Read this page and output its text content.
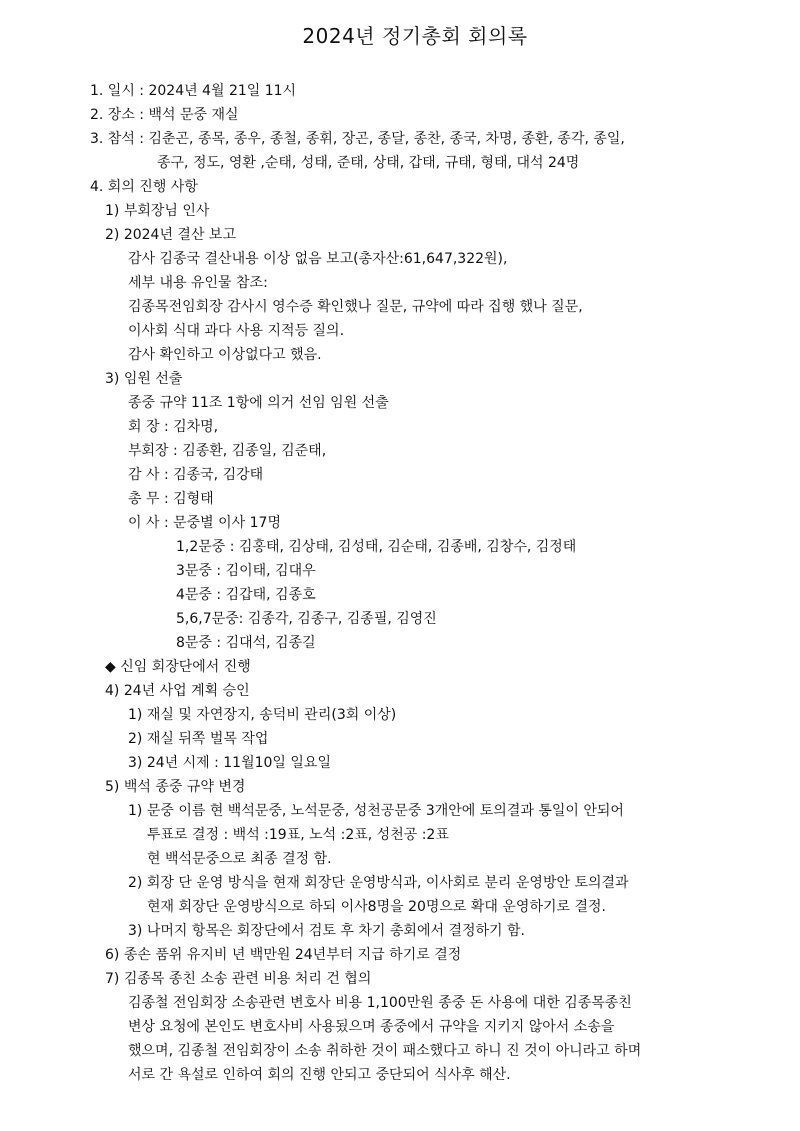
2024년 정기총회 회의록
1. 일시 : 2024년 4월 21일 11시
2. 장소 : 백석 문중 재실
3. 참석 : 김춘곤, 종목, 종우, 종철, 종휘, 장곤, 종달, 종찬, 종국, 차명, 종환, 종각, 종일,
종구, 정도, 영환 ,순태, 성태, 준태, 상태, 갑태, 규태, 형태, 대석 24명
4. 회의 진행 사항
1) 부회장님 인사
2) 2024년 결산 보고
감사 김종국 결산내용 이상 없음 보고(총자산:61,647,322원),
세부 내용 유인물 참조:
김종목전임회장 감사시 영수증 확인했나 질문, 규약에 따라 집행 했나 질문,
이사회 식대 과다 사용 지적등 질의.
감사 확인하고 이상없다고 했음.
3) 임원 선출
종중 규약 11조 1항에 의거 선임 임원 선출
회 장 : 김차명,
부회장 : 김종환, 김종일, 김준태,
감 사 : 김종국, 김강태
총 무 : 김형태
이 사 : 문중별 이사 17명
1,2문중 : 김홍태, 김상태, 김성태, 김순태, 김종배, 김창수, 김정태
3문중 : 김이태, 김대우
4문중 : 김갑태, 김종호
5,6,7문중: 김종각, 김종구, 김종필, 김영진
8문중 : 김대석, 김종길
◆ 신임 회장단에서 진행
4) 24년 사업 계획 승인
1) 재실 및 자연장지, 송덕비 관리(3회 이상)
2) 재실 뒤쪽 벌목 작업
3) 24년 시제 : 11월10일 일요일
5) 백석 종중 규약 변경
1) 문중 이름 현 백석문중, 노석문중, 성천공문중 3개안에 토의결과 통일이 안되어
투표로 결정 : 백석 :19표, 노석 :2표, 성천공 :2표
현 백석문중으로 최종 결정 함.
2) 회장 단 운영 방식을 현재 회장단 운영방식과, 이사회로 분리 운영방안 토의결과
현재 회장단 운영방식으로 하되 이사8명을 20명으로 확대 운영하기로 결정.
3) 나머지 항목은 회장단에서 검토 후 차기 총회에서 결정하기 함.
6) 종손 품위 유지비 년 백만원 24년부터 지급 하기로 결정
7) 김종목 종친 소송 관련 비용 처리 건 협의
김종철 전임회장 소송관련 변호사 비용 1,100만원 종중 돈 사용에 대한 김종목종친
변상 요청에 본인도 변호사비 사용됬으며 종중에서 규약을 지키지 않아서 소송을
했으며, 김종철 전임회장이 소송 취하한 것이 패소했다고 하니 진 것이 아니라고 하며
서로 간 욕설로 인하여 회의 진행 안되고 중단되어 식사후 해산.
